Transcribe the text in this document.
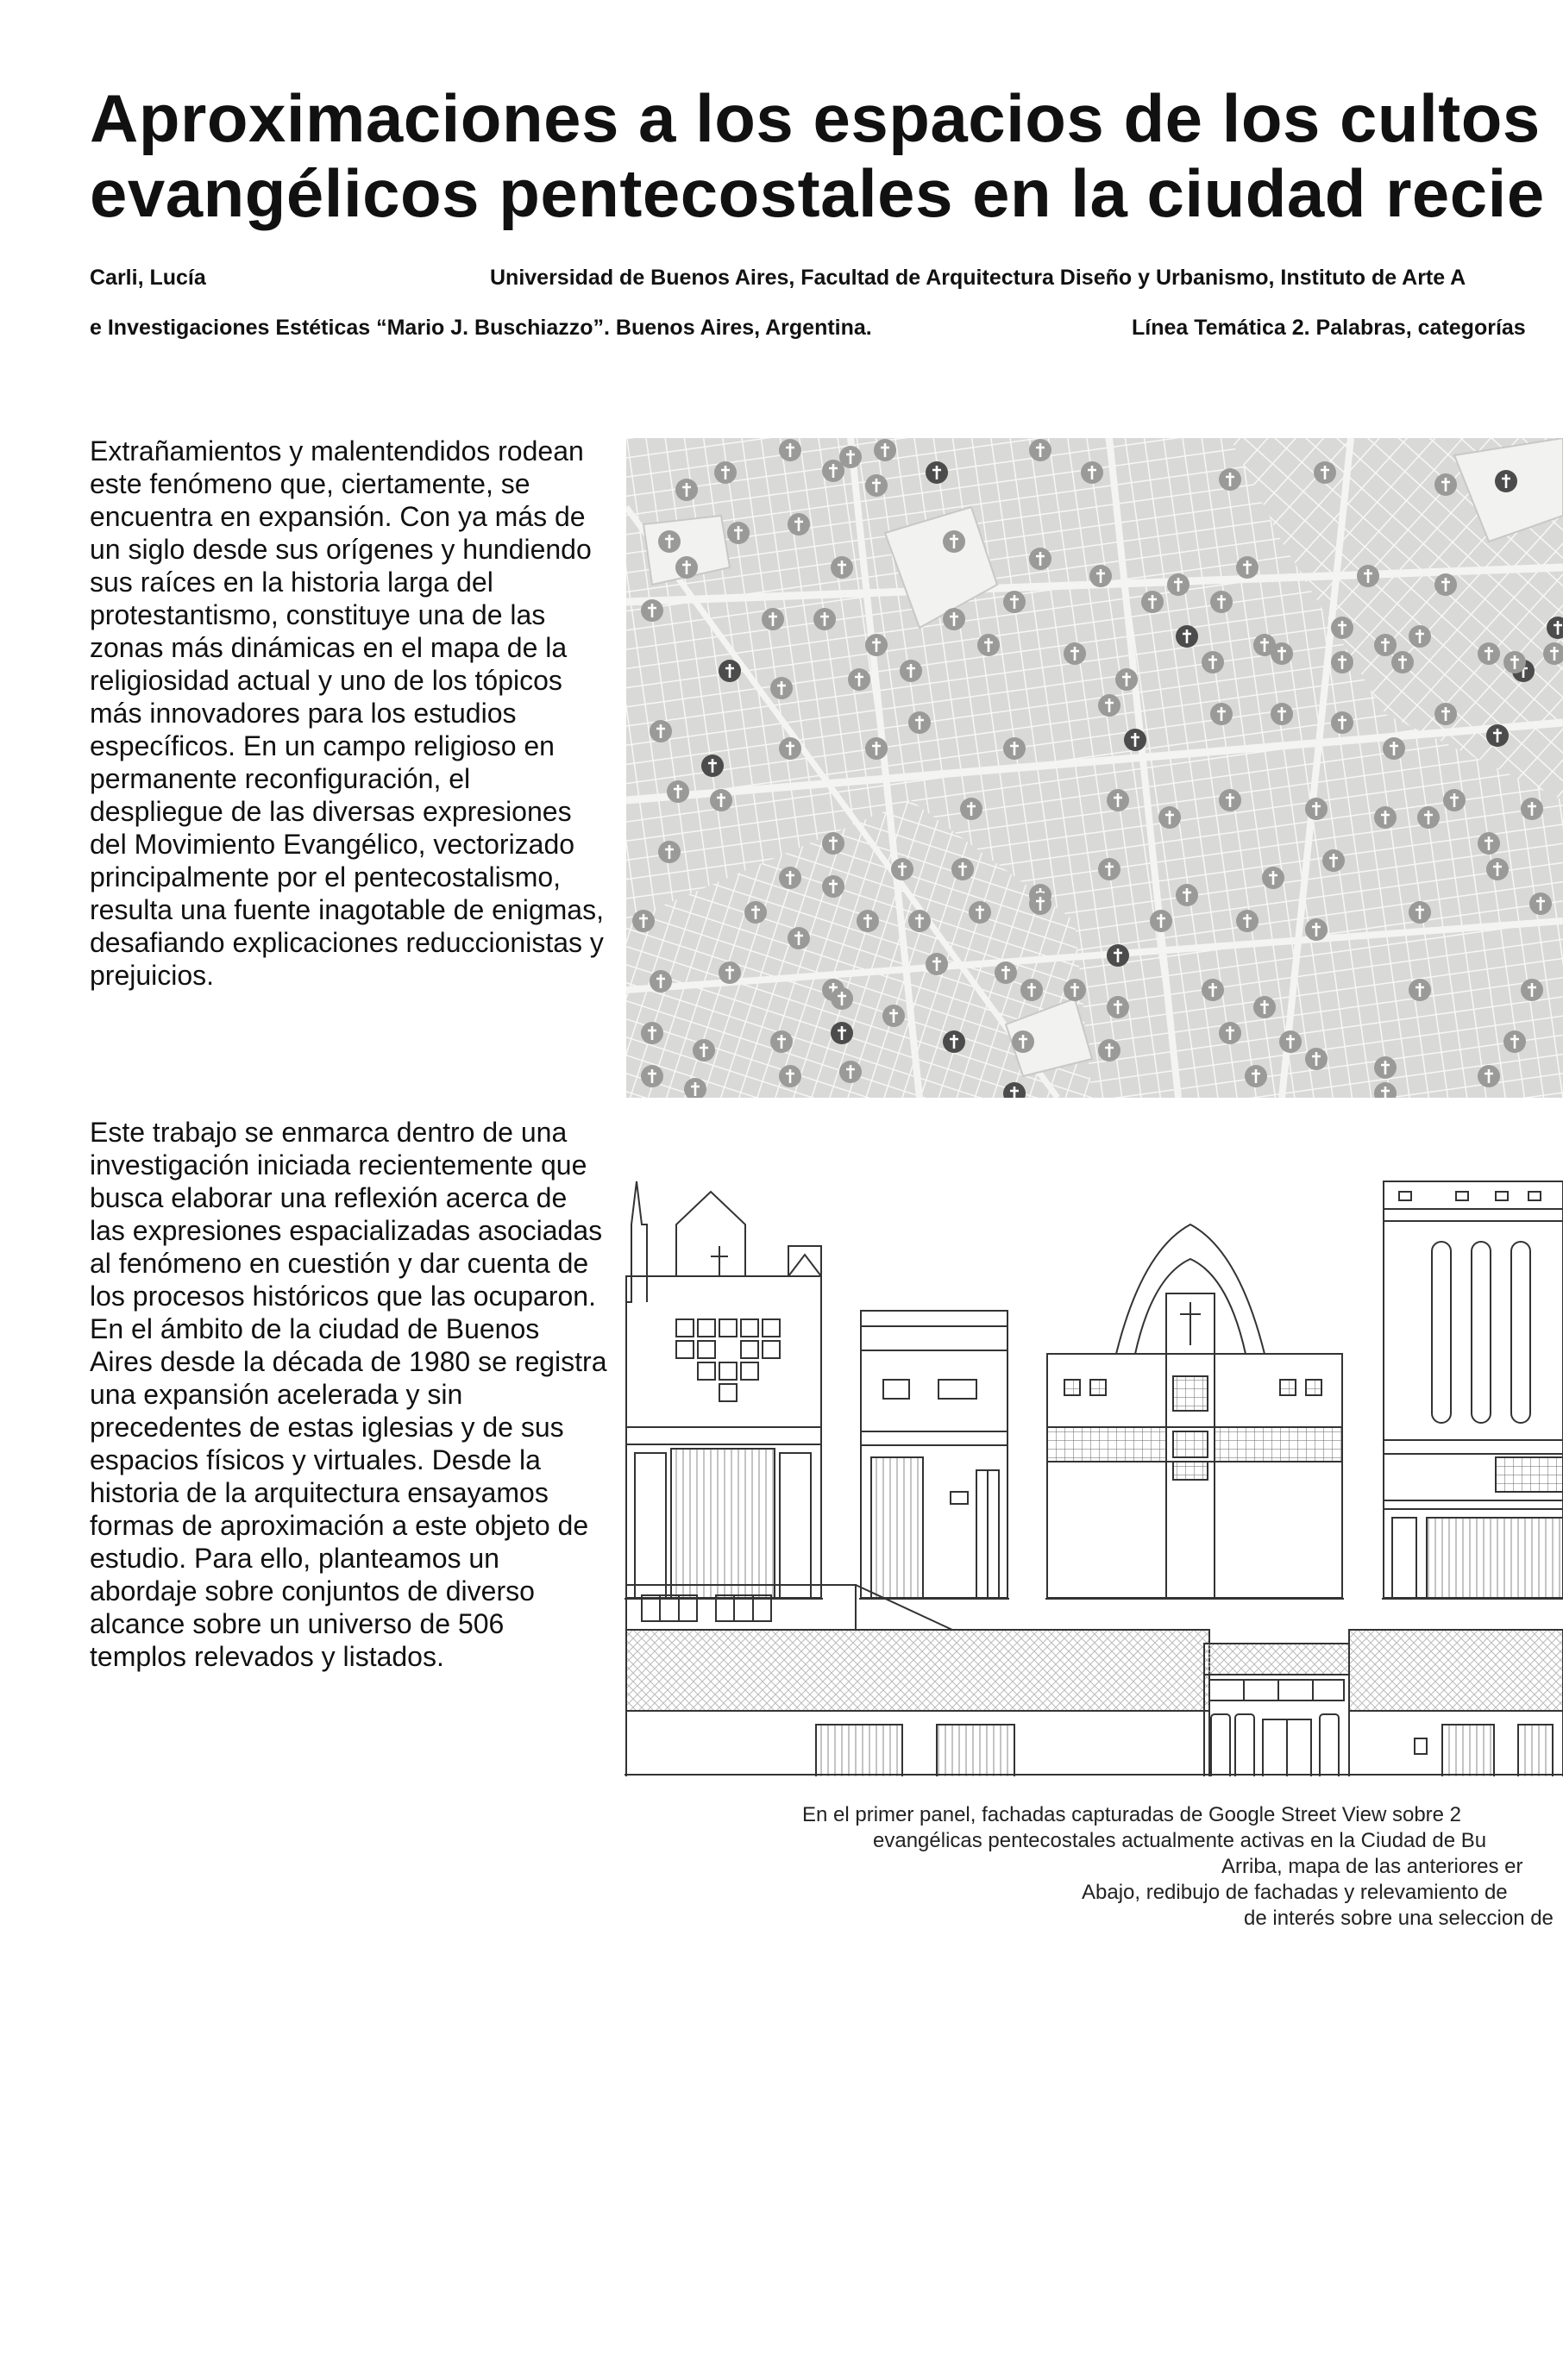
Aproximaciones a los espacios de los cultos
evangélicos pentecostales en la ciudad recie
Carli, Lucía	Universidad de Buenos Aires, Facultad de Arquitectura Diseño y Urbanismo, Instituto de Arte A
e Investigaciones Estéticas “Mario J. Buschiazzo”. Buenos Aires, Argentina.	Línea Temática 2. Palabras, categorías

Extrañamientos y malentendidos rodean este fenómeno que, ciertamente, se encuentra en expansión. Con ya más de un siglo desde sus orígenes y hundiendo sus raíces en la historia larga del protestantismo, constituye una de las zonas más dinámicas en el mapa de la religiosidad actual y uno de los tópicos más innovadores para los estudios específicos. En un campo religioso en permanente reconfiguración, el despliegue de las diversas expresiones del Movimiento Evangélico, vectorizado principalmente por el pentecostalismo, resulta una fuente inagotable de enigmas, desafiando explicaciones reduccionistas y prejuicios.

Este trabajo se enmarca dentro de una investigación iniciada recientemente que busca elaborar una reflexión acerca de las expresiones espacializadas asociadas al fenómeno en cuestión y dar cuenta de los procesos históricos que las ocuparon. En el ámbito de la ciudad de Buenos Aires desde la década de 1980 se registra una expansión acelerada y sin precedentes de estas iglesias y de sus espacios físicos y virtuales. Desde la historia de la arquitectura ensayamos formas de aproximación a este objeto de estudio. Para ello, planteamos un abordaje sobre conjuntos de diverso alcance sobre un universo de 506 templos relevados y listados.

En el primer panel, fachadas capturadas de Google Street View sobre 2
evangélicas pentecostales actualmente activas en la Ciudad de Bu
Arriba, mapa de las anteriores er
Abajo, redibujo de fachadas y relevamiento de
de interés sobre una seleccion de
